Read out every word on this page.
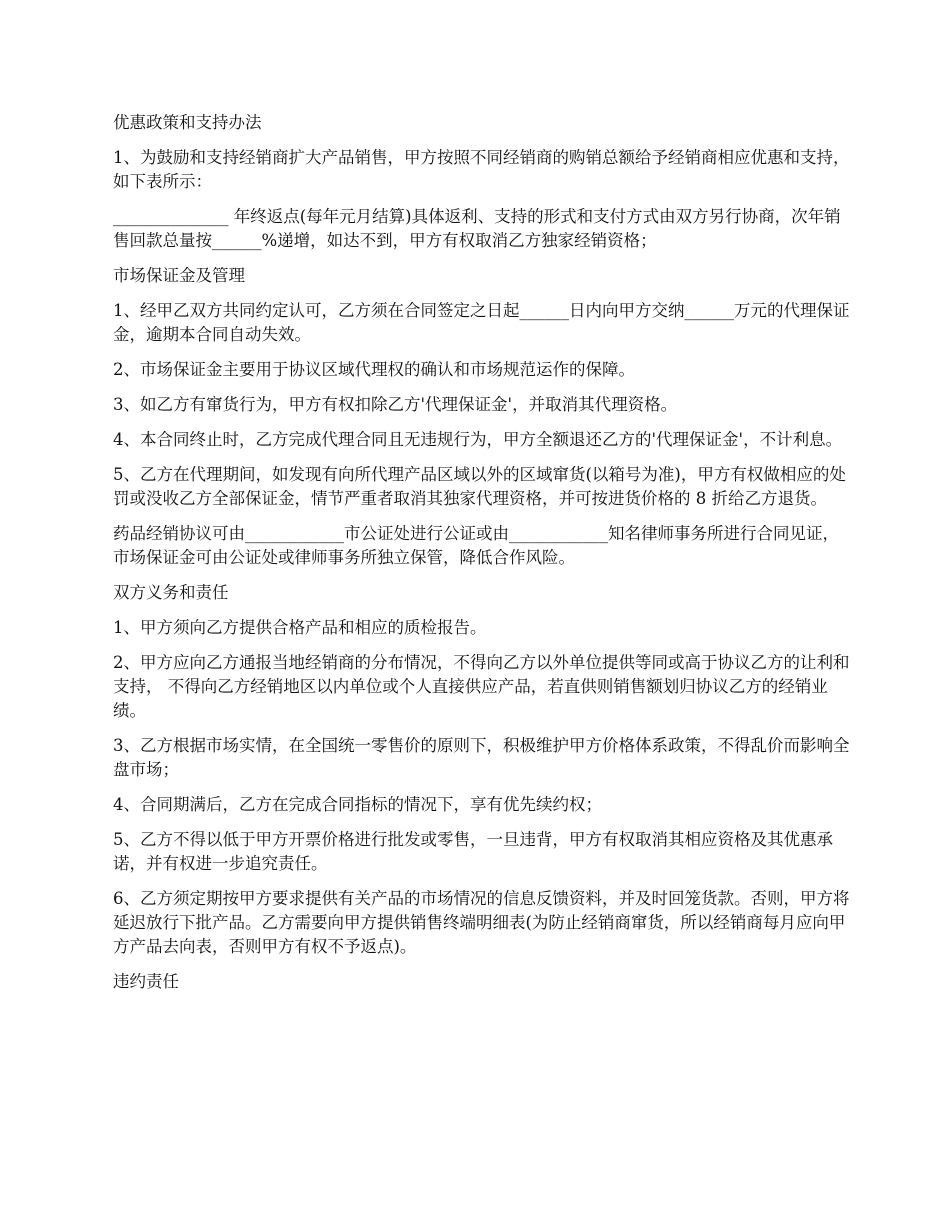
优惠政策和支持办法

1、为鼓励和支持经销商扩大产品销售，甲方按照不同经销商的购销总额给予经销商相应优惠和支持，如下表所示：

______________ 年终返点(每年元月结算)具体返利、支持的形式和支付方式由双方另行协商，次年销售回款总量按______%递增，如达不到，甲方有权取消乙方独家经销资格；

市场保证金及管理

1、经甲乙双方共同约定认可，乙方须在合同签定之日起______日内向甲方交纳______万元的代理保证金，逾期本合同自动失效。

2、市场保证金主要用于协议区域代理权的确认和市场规范运作的保障。

3、如乙方有窜货行为，甲方有权扣除乙方'代理保证金'，并取消其代理资格。

4、本合同终止时，乙方完成代理合同且无违规行为，甲方全额退还乙方的'代理保证金'，不计利息。

5、乙方在代理期间，如发现有向所代理产品区域以外的区域窜货(以箱号为准)，甲方有权做相应的处罚或没收乙方全部保证金，情节严重者取消其独家代理资格，并可按进货价格的 8 折给乙方退货。

药品经销协议可由____________市公证处进行公证或由____________知名律师事务所进行合同见证，市场保证金可由公证处或律师事务所独立保管，降低合作风险。

双方义务和责任

1、甲方须向乙方提供合格产品和相应的质检报告。

2、甲方应向乙方通报当地经销商的分布情况，不得向乙方以外单位提供等同或高于协议乙方的让利和支持， 不得向乙方经销地区以内单位或个人直接供应产品，若直供则销售额划归协议乙方的经销业绩。

3、乙方根据市场实情，在全国统一零售价的原则下，积极维护甲方价格体系政策，不得乱价而影响全盘市场；

4、合同期满后，乙方在完成合同指标的情况下，享有优先续约权；

5、乙方不得以低于甲方开票价格进行批发或零售，一旦违背，甲方有权取消其相应资格及其优惠承诺，并有权进一步追究责任。

6、乙方须定期按甲方要求提供有关产品的市场情况的信息反馈资料，并及时回笼货款。否则，甲方将延迟放行下批产品。乙方需要向甲方提供销售终端明细表(为防止经销商窜货，所以经销商每月应向甲方产品去向表，否则甲方有权不予返点)。

违约责任
